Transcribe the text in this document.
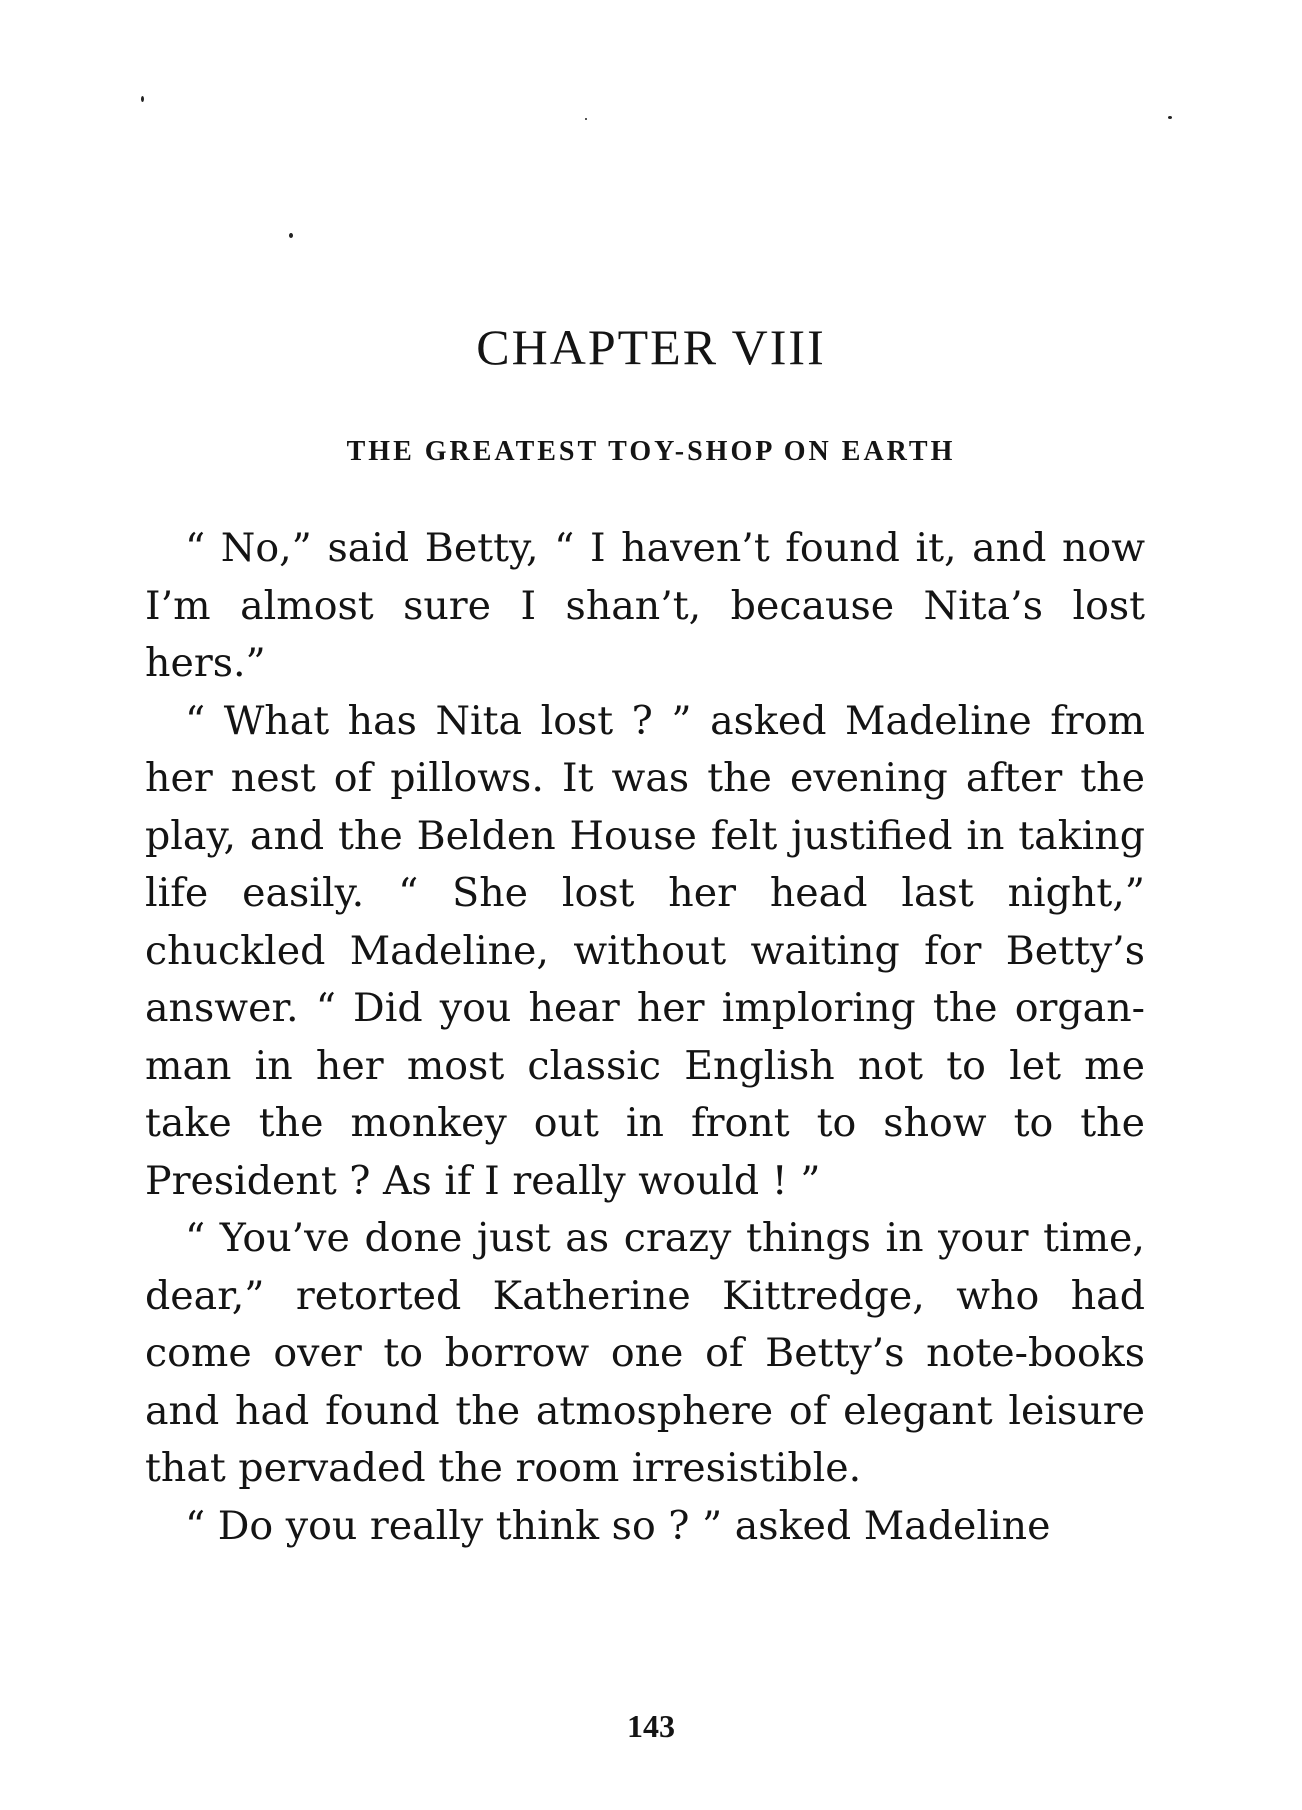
CHAPTER VIII
THE GREATEST TOY-SHOP ON EARTH

“ No,” said Betty, “ I haven’t found it, and now I’m almost sure I shan’t, because Nita’s lost hers.”

“ What has Nita lost ? ” asked Madeline from her nest of pillows. It was the evening after the play, and the Belden House felt justified in taking life easily. “ She lost her head last night,” chuckled Madeline, without waiting for Betty’s answer. “ Did you hear her imploring the organ-man in her most classic English not to let me take the monkey out in front to show to the President ? As if I really would ! ”

“ You’ve done just as crazy things in your time, dear,” retorted Katherine Kittredge, who had come over to borrow one of Betty’s note-books and had found the atmosphere of elegant leisure that pervaded the room irresistible.

“ Do you really think so ? ” asked Madeline

143
